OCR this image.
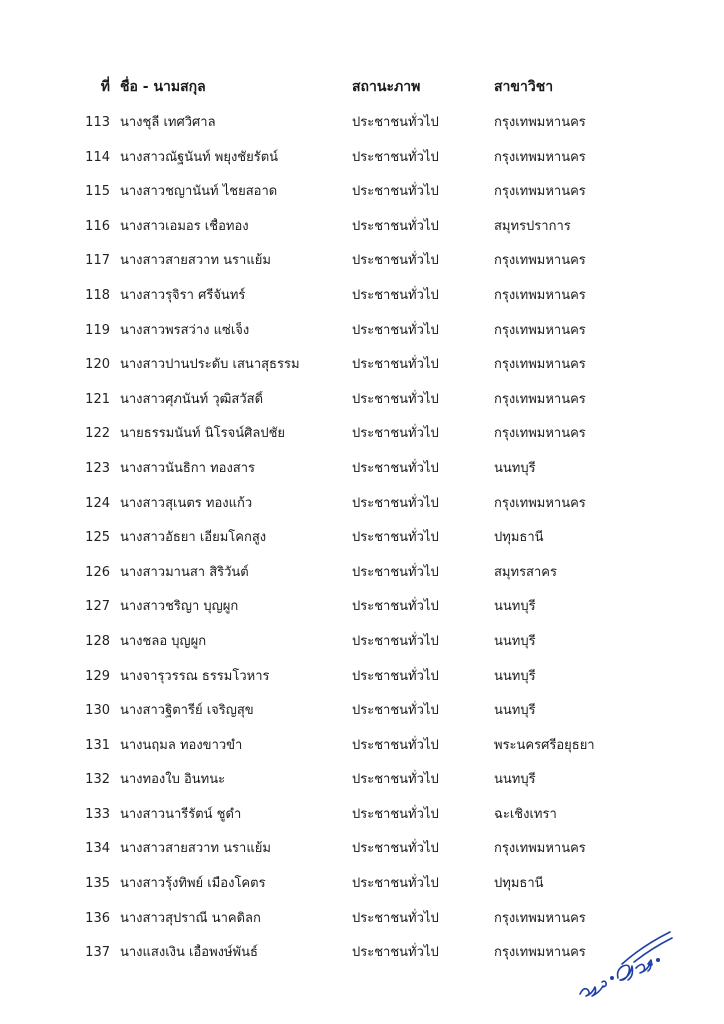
ที่ ชื่อ - นามสกุล	สถานะภาพ	สาขาวิชา
113 นางชุลี เทศวิศาล	ประชาชนทั่วไป	กรุงเทพมหานคร
114 นางสาวณัฐนันท์ พยุงชัยรัตน์	ประชาชนทั่วไป	กรุงเทพมหานคร
115 นางสาวชญานันท์ ไชยสอาด	ประชาชนทั่วไป	กรุงเทพมหานคร
116 นางสาวเอมอร เชื้อทอง	ประชาชนทั่วไป	สมุทรปราการ
117 นางสาวสายสวาท นราแย้ม	ประชาชนทั่วไป	กรุงเทพมหานคร
118 นางสาวรุจิรา ศรีจันทร์	ประชาชนทั่วไป	กรุงเทพมหานคร
119 นางสาวพรสว่าง แซ่เจ็ง	ประชาชนทั่วไป	กรุงเทพมหานคร
120 นางสาวปานประดับ เสนาสุธรรม	ประชาชนทั่วไป	กรุงเทพมหานคร
121 นางสาวศุภนันท์ วุฒิสวัสดิ์	ประชาชนทั่วไป	กรุงเทพมหานคร
122 นายธรรมนันท์ นิโรจน์ศิลปชัย	ประชาชนทั่วไป	กรุงเทพมหานคร
123 นางสาวนันธิกา ทองสาร	ประชาชนทั่วไป	นนทบุรี
124 นางสาวสุเนตร ทองแก้ว	ประชาชนทั่วไป	กรุงเทพมหานคร
125 นางสาวอัธยา เอี่ยมโคกสูง	ประชาชนทั่วไป	ปทุมธานี
126 นางสาวมานสา สิริวันต์	ประชาชนทั่วไป	สมุทรสาคร
127 นางสาวชริญา บุญผูก	ประชาชนทั่วไป	นนทบุรี
128 นางชลอ บุญผูก	ประชาชนทั่วไป	นนทบุรี
129 นางจารุวรรณ ธรรมโวหาร	ประชาชนทั่วไป	นนทบุรี
130 นางสาวฐิตารีย์ เจริญสุข	ประชาชนทั่วไป	นนทบุรี
131 นางนฤมล ทองขาวขำ	ประชาชนทั่วไป	พระนครศรีอยุธยา
132 นางทองใบ อินทนะ	ประชาชนทั่วไป	นนทบุรี
133 นางสาวนารีรัตน์ ชูดำ	ประชาชนทั่วไป	ฉะเชิงเทรา
134 นางสาวสายสวาท นราแย้ม	ประชาชนทั่วไป	กรุงเทพมหานคร
135 นางสาวรุ้งทิพย์ เมืองโคตร	ประชาชนทั่วไป	ปทุมธานี
136 นางสาวสุปราณี นาคดิลก	ประชาชนทั่วไป	กรุงเทพมหานคร
137 นางแสงเงิน เอื้อพงษ์พันธ์	ประชาชนทั่วไป	กรุงเทพมหานคร
